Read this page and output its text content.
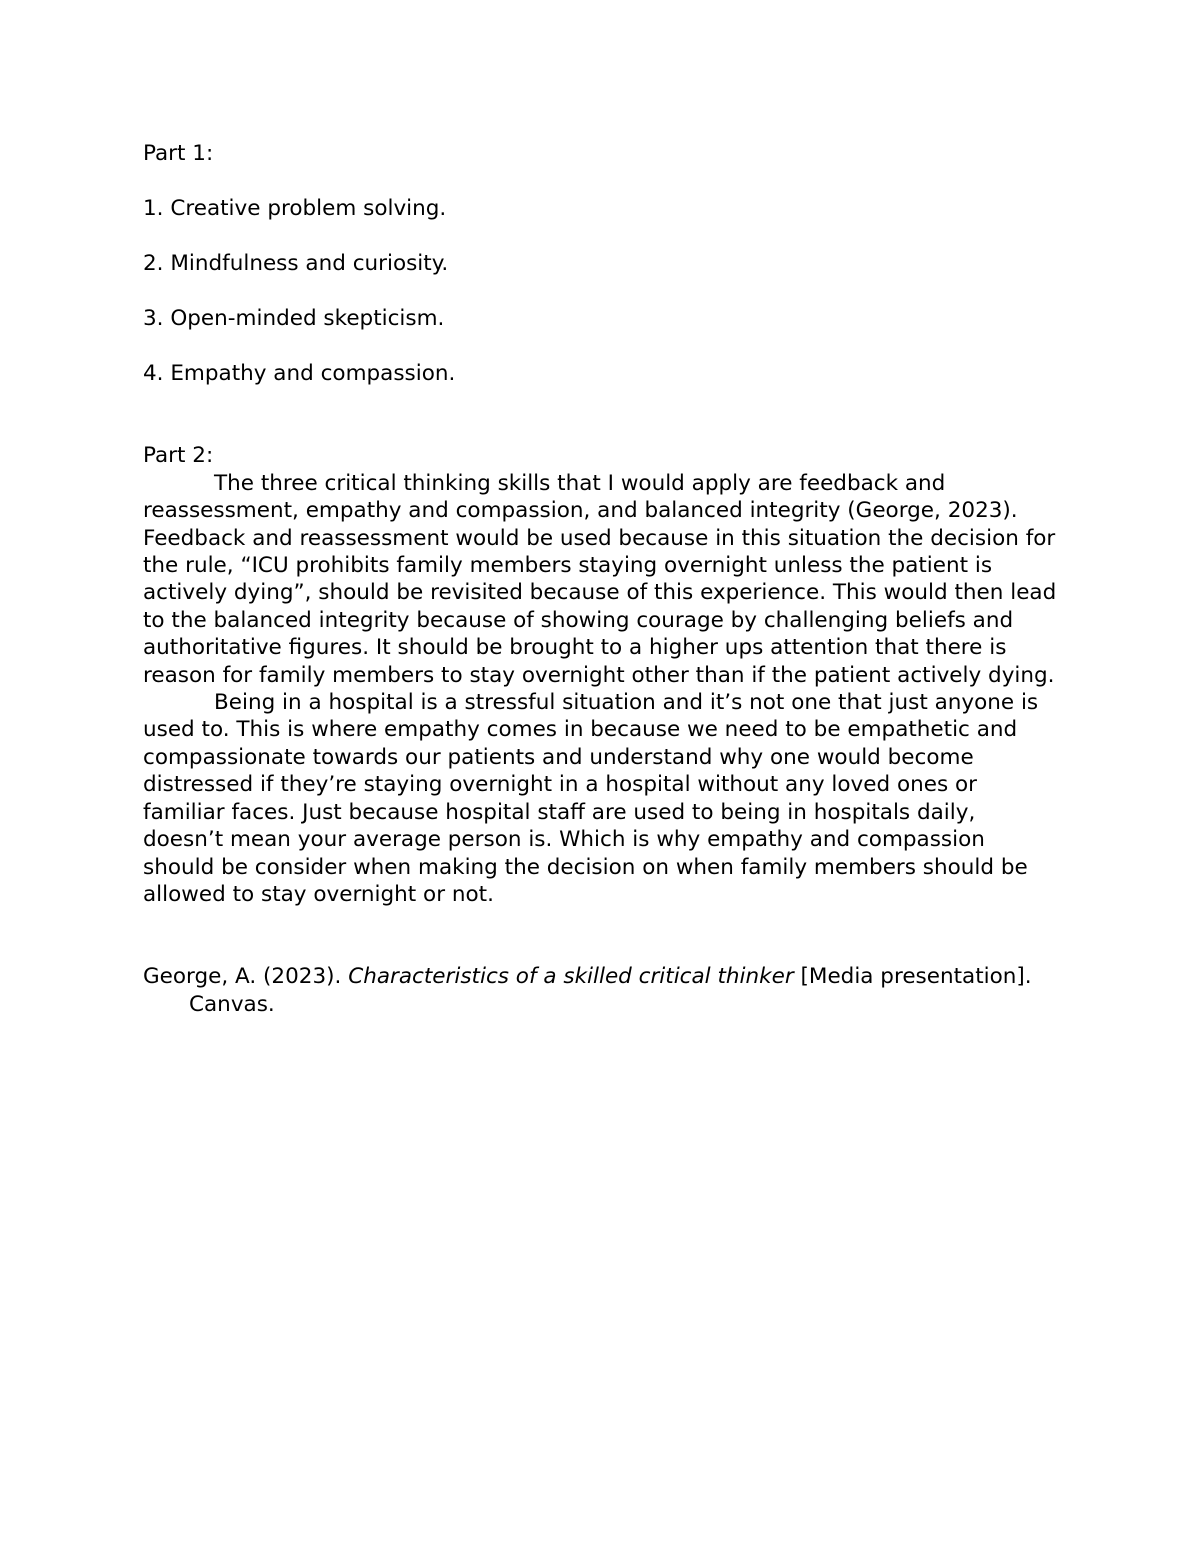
Part 1:

1. Creative problem solving.

2. Mindfulness and curiosity.

3. Open-minded skepticism.

4. Empathy and compassion.

Part 2:

The three critical thinking skills that I would apply are feedback and reassessment, empathy and compassion, and balanced integrity (George, 2023). Feedback and reassessment would be used because in this situation the decision for the rule, “ICU prohibits family members staying overnight unless the patient is actively dying”, should be revisited because of this experience. This would then lead to the balanced integrity because of showing courage by challenging beliefs and authoritative figures. It should be brought to a higher ups attention that there is reason for family members to stay overnight other than if the patient actively dying.

Being in a hospital is a stressful situation and it’s not one that just anyone is used to. This is where empathy comes in because we need to be empathetic and compassionate towards our patients and understand why one would become distressed if they’re staying overnight in a hospital without any loved ones or familiar faces. Just because hospital staff are used to being in hospitals daily, doesn’t mean your average person is. Which is why empathy and compassion should be consider when making the decision on when family members should be allowed to stay overnight or not.

George, A. (2023). Characteristics of a skilled critical thinker [Media presentation].Canvas.
